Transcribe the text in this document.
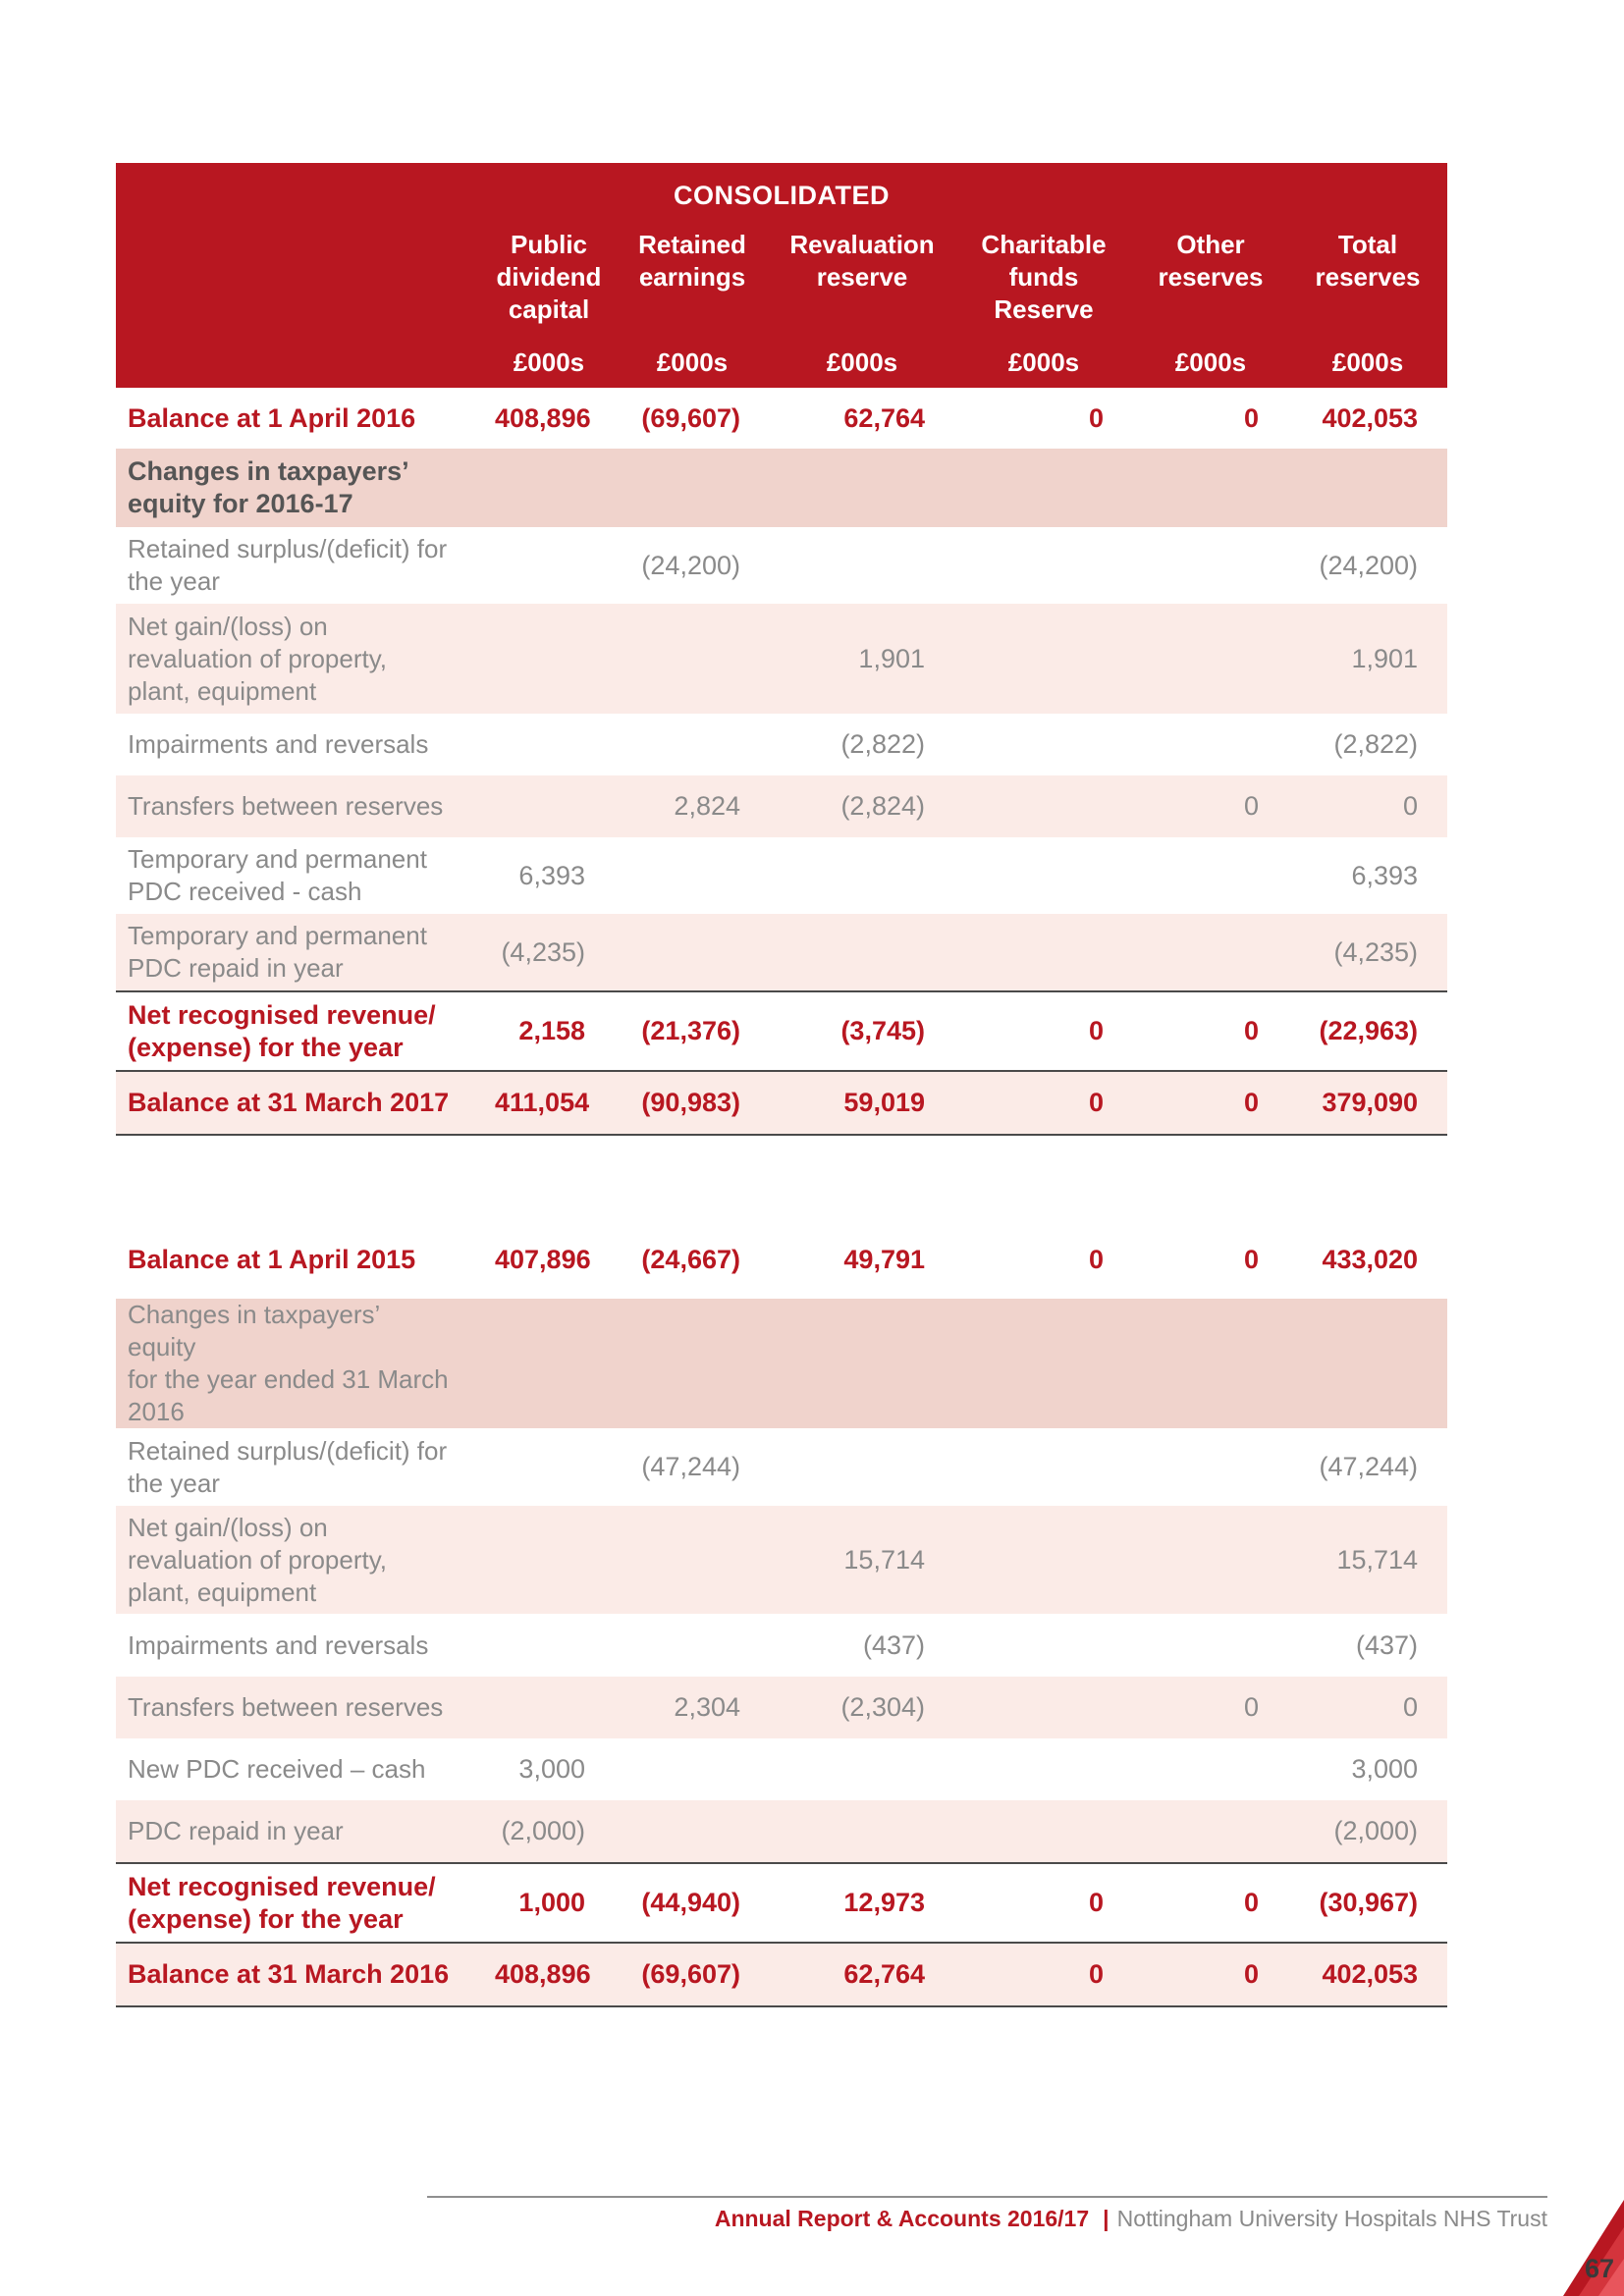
CONSOLIDATED						
	Public
dividend
capital	Retained
earnings	Revaluation
reserve	Charitable
funds
Reserve	Other
reserves	Total
reserves
	£000s	£000s	£000s	£000s	£000s	£000s
Balance at 1 April 2016	408,896	(69,607)	62,764	0	0	402,053
Changes in taxpayers’
equity for 2016-17						
Retained surplus/(deficit) for
the year		(24,200)				(24,200)
Net gain/(loss) on
revaluation of property,
plant, equipment			1,901			1,901
Impairments and reversals			(2,822)			(2,822)
Transfers between reserves		2,824	(2,824)		0	0
Temporary and permanent
PDC received - cash	6,393					6,393
Temporary and permanent
PDC repaid in year	(4,235)					(4,235)
Net recognised revenue/
(expense) for the year	2,158	(21,376)	(3,745)	0	0	(22,963)
Balance at 31 March 2017	411,054	(90,983)	59,019	0	0	379,090

Balance at 1 April 2015	407,896	(24,667)	49,791	0	0	433,020
Changes in taxpayers’ equity
for the year ended 31 March
2016						
Retained surplus/(deficit) for
the year		(47,244)				(47,244)
Net gain/(loss) on
revaluation of property,
plant, equipment			15,714			15,714
Impairments and reversals			(437)			(437)
Transfers between reserves		2,304	(2,304)		0	0
New PDC received – cash	3,000					3,000
PDC repaid in year	(2,000)					(2,000)
Net recognised revenue/
(expense) for the year	1,000	(44,940)	12,973	0	0	(30,967)
Balance at 31 March 2016	408,896	(69,607)	62,764	0	0	402,053
Annual Report & Accounts 2016/17 | Nottingham University Hospitals NHS Trust
67
